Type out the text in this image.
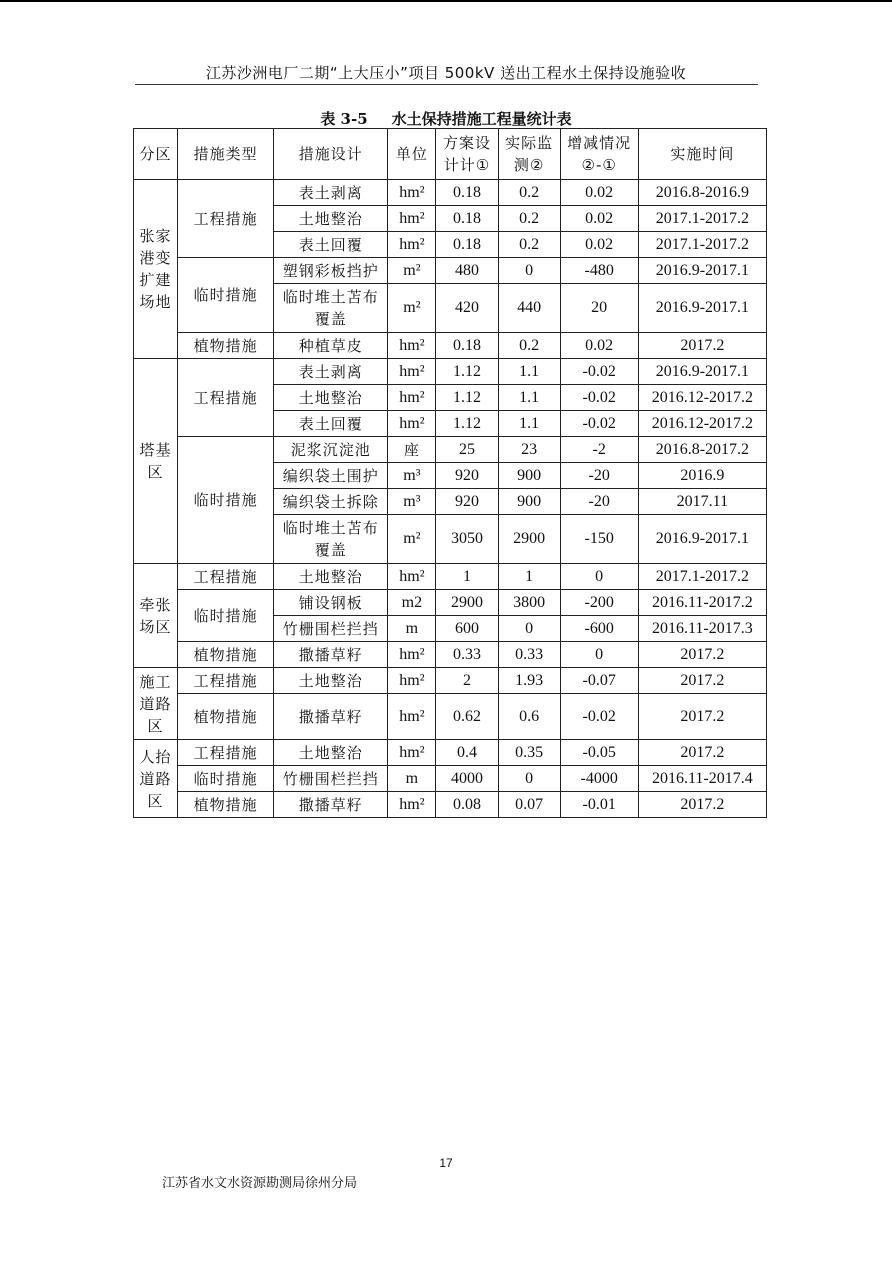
江苏沙洲电厂二期“上大压小”项目 500kV 送出工程水土保持设施验收
表 3-5 水土保持措施工程量统计表
分区	措施类型	措施设计	单位	方案设计计①	实际监测②	增减情况②-①	实施时间
张家港变扩建场地	工程措施	表土剥离	hm²	0.18	0.2	0.02	2016.8-2016.9
		土地整治	hm²	0.18	0.2	0.02	2017.1-2017.2
		表土回覆	hm²	0.18	0.2	0.02	2017.1-2017.2
	临时措施	塑钢彩板挡护	m²	480	0	-480	2016.9-2017.1
		临时堆土苫布覆盖	m²	420	440	20	2016.9-2017.1
	植物措施	种植草皮	hm²	0.18	0.2	0.02	2017.2
塔基区	工程措施	表土剥离	hm²	1.12	1.1	-0.02	2016.9-2017.1
		土地整治	hm²	1.12	1.1	-0.02	2016.12-2017.2
		表土回覆	hm²	1.12	1.1	-0.02	2016.12-2017.2
	临时措施	泥浆沉淀池	座	25	23	-2	2016.8-2017.2
		编织袋土围护	m³	920	900	-20	2016.9
		编织袋土拆除	m³	920	900	-20	2017.11
		临时堆土苫布覆盖	m²	3050	2900	-150	2016.9-2017.1
牵张场区	工程措施	土地整治	hm²	1	1	0	2017.1-2017.2
	临时措施	铺设钢板	m2	2900	3800	-200	2016.11-2017.2
		竹栅围栏拦挡	m	600	0	-600	2016.11-2017.3
	植物措施	撒播草籽	hm²	0.33	0.33	0	2017.2
施工道路区	工程措施	土地整治	hm²	2	1.93	-0.07	2017.2
	植物措施	撒播草籽	hm²	0.62	0.6	-0.02	2017.2
人抬道路区	工程措施	土地整治	hm²	0.4	0.35	-0.05	2017.2
	临时措施	竹栅围栏拦挡	m	4000	0	-4000	2016.11-2017.4
	植物措施	撒播草籽	hm²	0.08	0.07	-0.01	2017.2
17
江苏省水文水资源勘测局徐州分局
